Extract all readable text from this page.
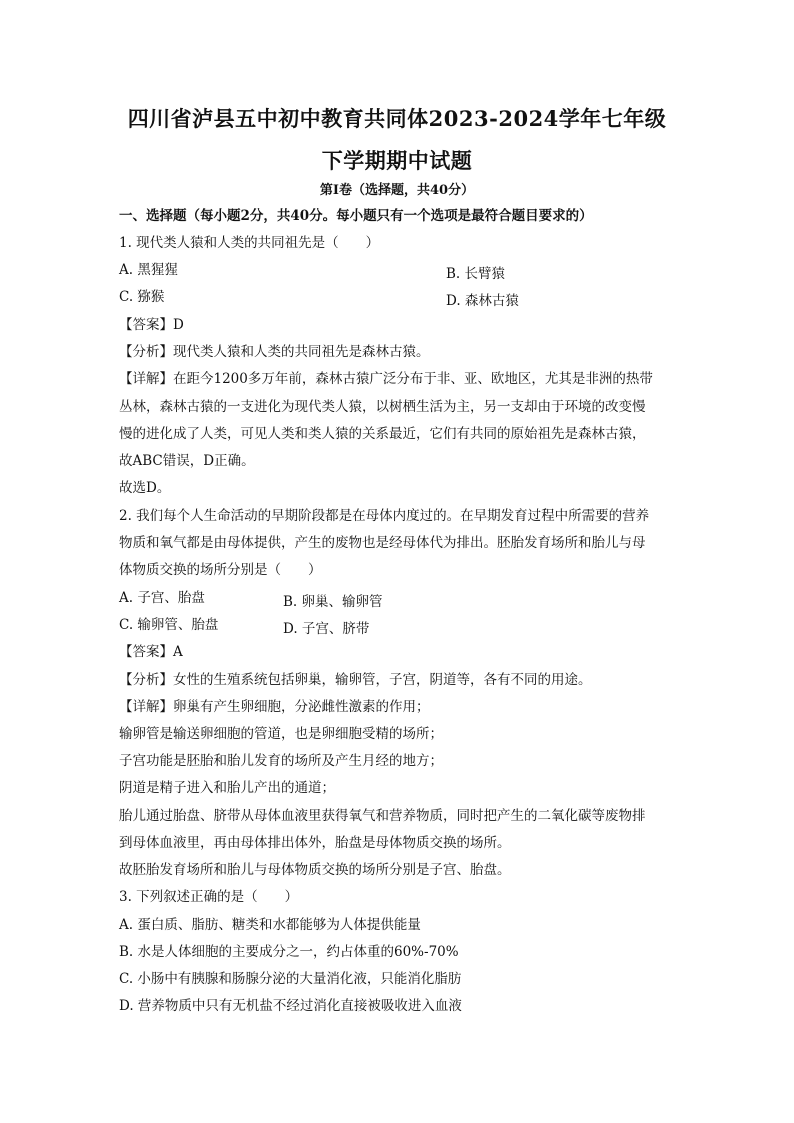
四川省泸县五中初中教育共同体2023-2024学年七年级
下学期期中试题
第Ⅰ卷（选择题，共40分）
一、选择题（每小题2分，共40分。每小题只有一个选项是最符合题目要求的）
1. 现代类人猿和人类的共同祖先是（　　）
A. 黑猩猩	B. 长臂猿
C. 猕猴	D. 森林古猿
【答案】D
【分析】现代类人猿和人类的共同祖先是森林古猿。
【详解】在距今1200多万年前，森林古猿广泛分布于非、亚、欧地区，尤其是非洲的热带
丛林，森林古猿的一支进化为现代类人猿，以树栖生活为主，另一支却由于环境的改变慢
慢的进化成了人类，可见人类和类人猿的关系最近，它们有共同的原始祖先是森林古猿，
故ABC错误，D正确。
故选D。
2. 我们每个人生命活动的早期阶段都是在母体内度过的。在早期发育过程中所需要的营养
物质和氧气都是由母体提供，产生的废物也是经母体代为排出。胚胎发育场所和胎儿与母
体物质交换的场所分别是（　　）
A. 子宫、胎盘	B. 卵巢、输卵管
C. 输卵管、胎盘	D. 子宫、脐带
【答案】A
【分析】女性的生殖系统包括卵巢，输卵管，子宫，阴道等，各有不同的用途。
【详解】卵巢有产生卵细胞，分泌雌性激素的作用；
输卵管是输送卵细胞的管道，也是卵细胞受精的场所；
子宫功能是胚胎和胎儿发育的场所及产生月经的地方；
阴道是精子进入和胎儿产出的通道；
胎儿通过胎盘、脐带从母体血液里获得氧气和营养物质，同时把产生的二氧化碳等废物排
到母体血液里，再由母体排出体外，胎盘是母体物质交换的场所。
故胚胎发育场所和胎儿与母体物质交换的场所分别是子宫、胎盘。
3. 下列叙述正确的是（　　）
A. 蛋白质、脂肪、糖类和水都能够为人体提供能量
B. 水是人体细胞的主要成分之一，约占体重的60%-70%
C. 小肠中有胰腺和肠腺分泌的大量消化液，只能消化脂肪
D. 营养物质中只有无机盐不经过消化直接被吸收进入血液
